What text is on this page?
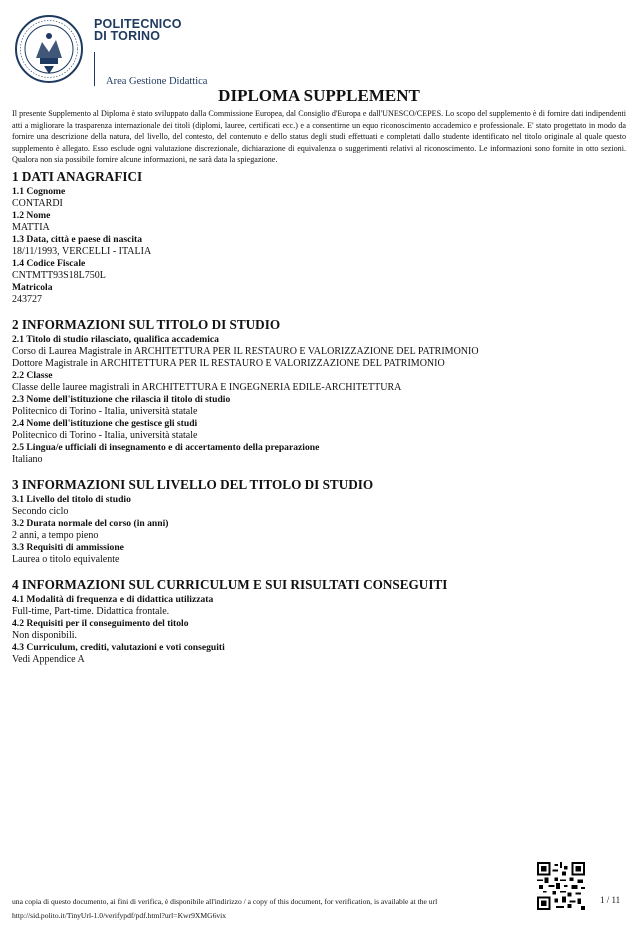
POLITECNICO
DI TORINO
Area Gestione Didattica
DIPLOMA SUPPLEMENT
Il presente Supplemento al Diploma è stato sviluppato dalla Commissione Europea, dal Consiglio d'Europa e dall'UNESCO/CEPES. Lo scopo del supplemento è di fornire dati indipendenti atti a migliorare la trasparenza internazionale dei titoli (diplomi, lauree, certificati ecc.) e a consentirne un equo riconoscimento accademico e professionale. E' stato progettato in modo da fornire una descrizione della natura, del livello, del contesto, del contenuto e dello status degli studi effettuati e completati dallo studente identificato nel titolo originale al quale questo supplemento è allegato. Esso esclude ogni valutazione discrezionale, dichiarazione di equivalenza o suggerimenti relativi al riconoscimento. Le informazioni sono fornite in otto sezioni. Qualora non sia possibile fornire alcune informazioni, ne sarà data la spiegazione.
1 DATI ANAGRAFICI
1.1 Cognome
CONTARDI
1.2 Nome
MATTIA
1.3 Data, città e paese di nascita
18/11/1993, VERCELLI - ITALIA
1.4 Codice Fiscale
CNTMTT93S18L750L
Matricola
243727
2 INFORMAZIONI SUL TITOLO DI STUDIO
2.1 Titolo di studio rilasciato, qualifica accademica
Corso di Laurea Magistrale in ARCHITETTURA PER IL RESTAURO E VALORIZZAZIONE DEL PATRIMONIO
Dottore Magistrale in ARCHITETTURA PER IL RESTAURO E VALORIZZAZIONE DEL PATRIMONIO
2.2 Classe
Classe delle lauree magistrali in ARCHITETTURA E INGEGNERIA EDILE-ARCHITETTURA
2.3 Nome dell'istituzione che rilascia il titolo di studio
Politecnico di Torino - Italia, università statale
2.4 Nome dell'istituzione che gestisce gli studi
Politecnico di Torino - Italia, università statale
2.5 Lingua/e ufficiali di insegnamento e di accertamento della preparazione
Italiano
3 INFORMAZIONI SUL LIVELLO DEL TITOLO DI STUDIO
3.1 Livello del titolo di studio
Secondo ciclo
3.2 Durata normale del corso (in anni)
2 anni, a tempo pieno
3.3 Requisiti di ammissione
Laurea o titolo equivalente
4 INFORMAZIONI SUL CURRICULUM E SUI RISULTATI CONSEGUITI
4.1 Modalità di frequenza e di didattica utilizzata
Full-time, Part-time. Didattica frontale.
4.2 Requisiti per il conseguimento del titolo
Non disponibili.
4.3 Curriculum, crediti, valutazioni e voti conseguiti
Vedi Appendice A
una copia di questo documento, ai fini di verifica, è disponibile all'indirizzo / a copy of this document, for verification, is available at the url
http://sid.polito.it/TinyUrl-1.0/verifypdf/pdf.html?url=Kwr9XMG6vix
1 / 11
